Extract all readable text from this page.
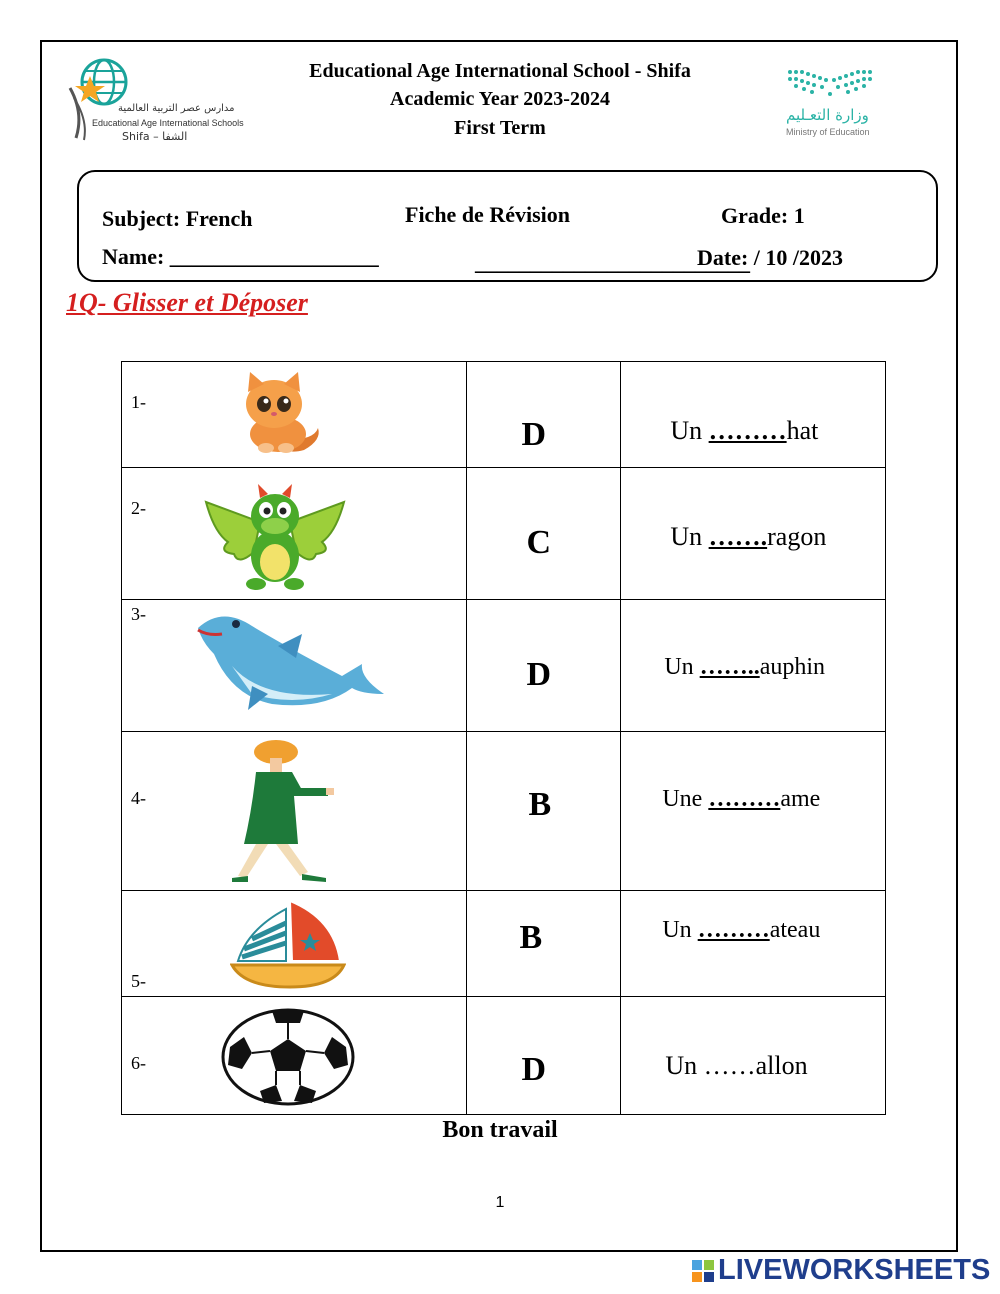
مدارس عصر التربية العالمية
Educational Age International Schools
Shifa – الشفا
Educational Age International School - Shifa
Academic Year 2023-2024
First Term
وزارة التعـليم
Ministry of Education
Subject: French	Fiche de Révision	Grade: 1
Name: ___________________	_________________________
Date: / 10 /2023
1Q- Glisser et Déposer
1-	D	Un ………hat

2-	C	Un …….ragon

3-	D	Un ……..auphin

4-	B	Une ………ame

5-	B	Un ………ateau

6-	D	Un ……allon
Bon travail
1
LIVEWORKSHEETS
